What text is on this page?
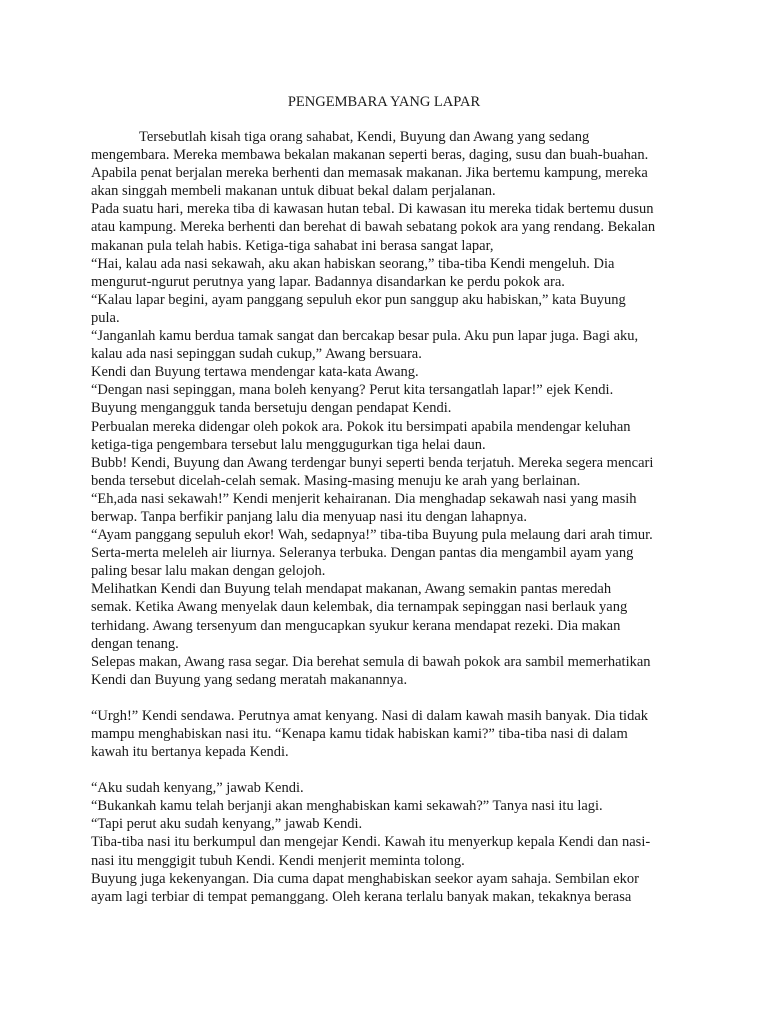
PENGEMBARA YANG LAPAR
Tersebutlah kisah tiga orang sahabat, Kendi, Buyung dan Awang yang sedang
mengembara. Mereka membawa bekalan makanan seperti beras, daging, susu dan buah-buahan.
Apabila penat berjalan mereka berhenti dan memasak makanan. Jika bertemu kampung, mereka
akan singgah membeli makanan untuk dibuat bekal dalam perjalanan.
Pada suatu hari, mereka tiba di kawasan hutan tebal. Di kawasan itu mereka tidak bertemu dusun
atau kampung. Mereka berhenti dan berehat di bawah sebatang pokok ara yang rendang. Bekalan
makanan pula telah habis. Ketiga-tiga sahabat ini berasa sangat lapar,
“Hai, kalau ada nasi sekawah, aku akan habiskan seorang,” tiba-tiba Kendi mengeluh. Dia
mengurut-ngurut perutnya yang lapar. Badannya disandarkan ke perdu pokok ara.
“Kalau lapar begini, ayam panggang sepuluh ekor pun sanggup aku habiskan,” kata Buyung
pula.
“Janganlah kamu berdua tamak sangat dan bercakap besar pula. Aku pun lapar juga. Bagi aku,
kalau ada nasi sepinggan sudah cukup,” Awang bersuara.
Kendi dan Buyung tertawa mendengar kata-kata Awang.
“Dengan nasi sepinggan, mana boleh kenyang? Perut kita tersangatlah lapar!” ejek Kendi.
Buyung mengangguk tanda bersetuju dengan pendapat Kendi.
Perbualan mereka didengar oleh pokok ara. Pokok itu bersimpati apabila mendengar keluhan
ketiga-tiga pengembara tersebut lalu menggugurkan tiga helai daun.
Bubb! Kendi, Buyung dan Awang terdengar bunyi seperti benda terjatuh. Mereka segera mencari
benda tersebut dicelah-celah semak. Masing-masing menuju ke arah yang berlainan.
“Eh,ada nasi sekawah!” Kendi menjerit kehairanan. Dia menghadap sekawah nasi yang masih
berwap. Tanpa berfikir panjang lalu dia menyuap nasi itu dengan lahapnya.
“Ayam panggang sepuluh ekor! Wah, sedapnya!” tiba-tiba Buyung pula melaung dari arah timur.
Serta-merta meleleh air liurnya. Seleranya terbuka. Dengan pantas dia mengambil ayam yang
paling besar lalu makan dengan gelojoh.
Melihatkan Kendi dan Buyung telah mendapat makanan, Awang semakin pantas meredah
semak. Ketika Awang menyelak daun kelembak, dia ternampak sepinggan nasi berlauk yang
terhidang. Awang tersenyum dan mengucapkan syukur kerana mendapat rezeki. Dia makan
dengan tenang.
Selepas makan, Awang rasa segar. Dia berehat semula di bawah pokok ara sambil memerhatikan
Kendi dan Buyung yang sedang meratah makanannya.
“Urgh!” Kendi sendawa. Perutnya amat kenyang. Nasi di dalam kawah masih banyak. Dia tidak
mampu menghabiskan nasi itu. “Kenapa kamu tidak habiskan kami?” tiba-tiba nasi di dalam
kawah itu bertanya kepada Kendi.
“Aku sudah kenyang,” jawab Kendi.
“Bukankah kamu telah berjanji akan menghabiskan kami sekawah?” Tanya nasi itu lagi.
“Tapi perut aku sudah kenyang,” jawab Kendi.
Tiba-tiba nasi itu berkumpul dan mengejar Kendi. Kawah itu menyerkup kepala Kendi dan nasi-
nasi itu menggigit tubuh Kendi. Kendi menjerit meminta tolong.
Buyung juga kekenyangan. Dia cuma dapat menghabiskan seekor ayam sahaja. Sembilan ekor
ayam lagi terbiar di tempat pemanggang. Oleh kerana terlalu banyak makan, tekaknya berasa
